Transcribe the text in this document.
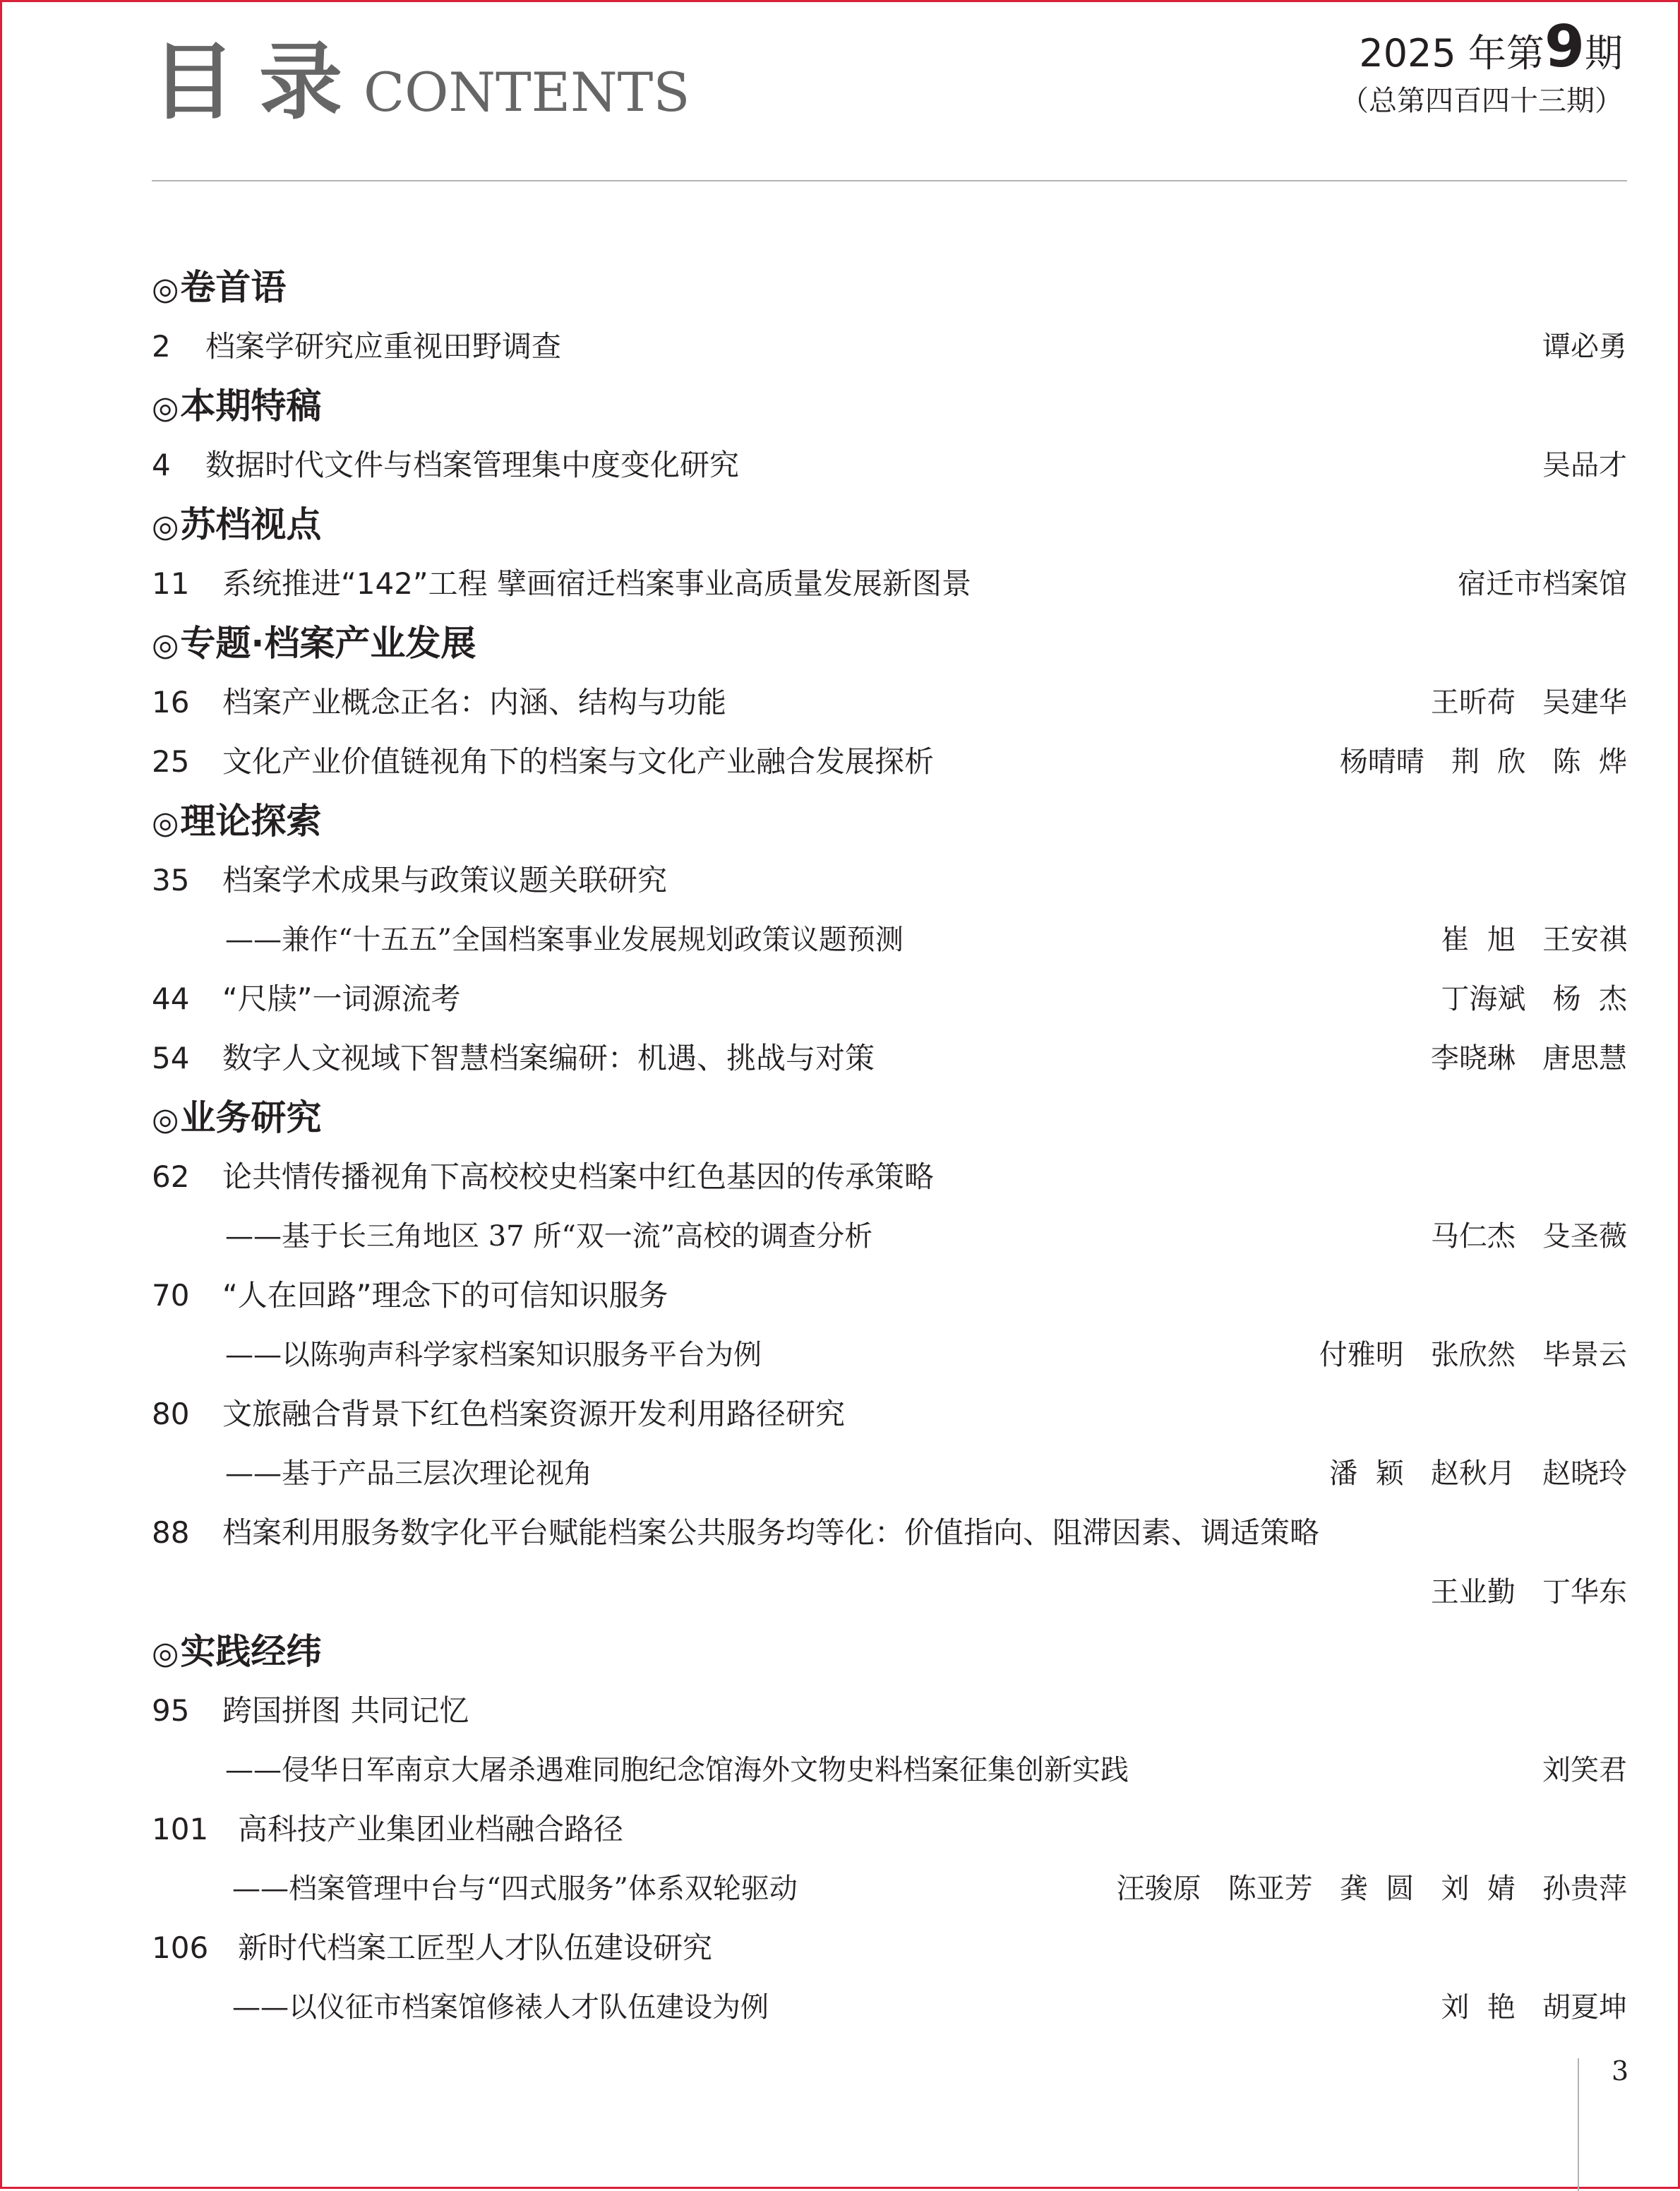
目录
CONTENTS
2025 年第9期
（总第四百四十三期）
◎卷首语
2 档案学研究应重视田野调查	谭必勇
◎本期特稿
4 数据时代文件与档案管理集中度变化研究	吴品才
◎苏档视点
11 系统推进“142”工程 擘画宿迁档案事业高质量发展新图景	宿迁市档案馆
◎专题·档案产业发展
16 档案产业概念正名：内涵、结构与功能	王昕荷   吴建华
25 文化产业价值链视角下的档案与文化产业融合发展探析	杨晴晴   荆  欣   陈  烨
◎理论探索
35 档案学术成果与政策议题关联研究
——兼作“十五五”全国档案事业发展规划政策议题预测	崔  旭   王安祺
44 “尺牍”一词源流考	丁海斌   杨  杰
54 数字人文视域下智慧档案编研：机遇、挑战与对策	李晓琳   唐思慧
◎业务研究
62 论共情传播视角下高校校史档案中红色基因的传承策略
——基于长三角地区 37 所“双一流”高校的调查分析	马仁杰   殳圣薇
70 “人在回路”理念下的可信知识服务
——以陈驹声科学家档案知识服务平台为例	付雅明   张欣然   毕景云
80 文旅融合背景下红色档案资源开发利用路径研究
——基于产品三层次理论视角	潘  颖   赵秋月   赵晓玲
88 档案利用服务数字化平台赋能档案公共服务均等化：价值指向、阻滞因素、调适策略
王业勤   丁华东
◎实践经纬
95 跨国拼图 共同记忆
——侵华日军南京大屠杀遇难同胞纪念馆海外文物史料档案征集创新实践	刘笑君
101 高科技产业集团业档融合路径
——档案管理中台与“四式服务”体系双轮驱动	汪骏原   陈亚芳   龚  圆   刘  婧   孙贵萍
106 新时代档案工匠型人才队伍建设研究
——以仪征市档案馆修裱人才队伍建设为例	刘  艳   胡夏坤
3
